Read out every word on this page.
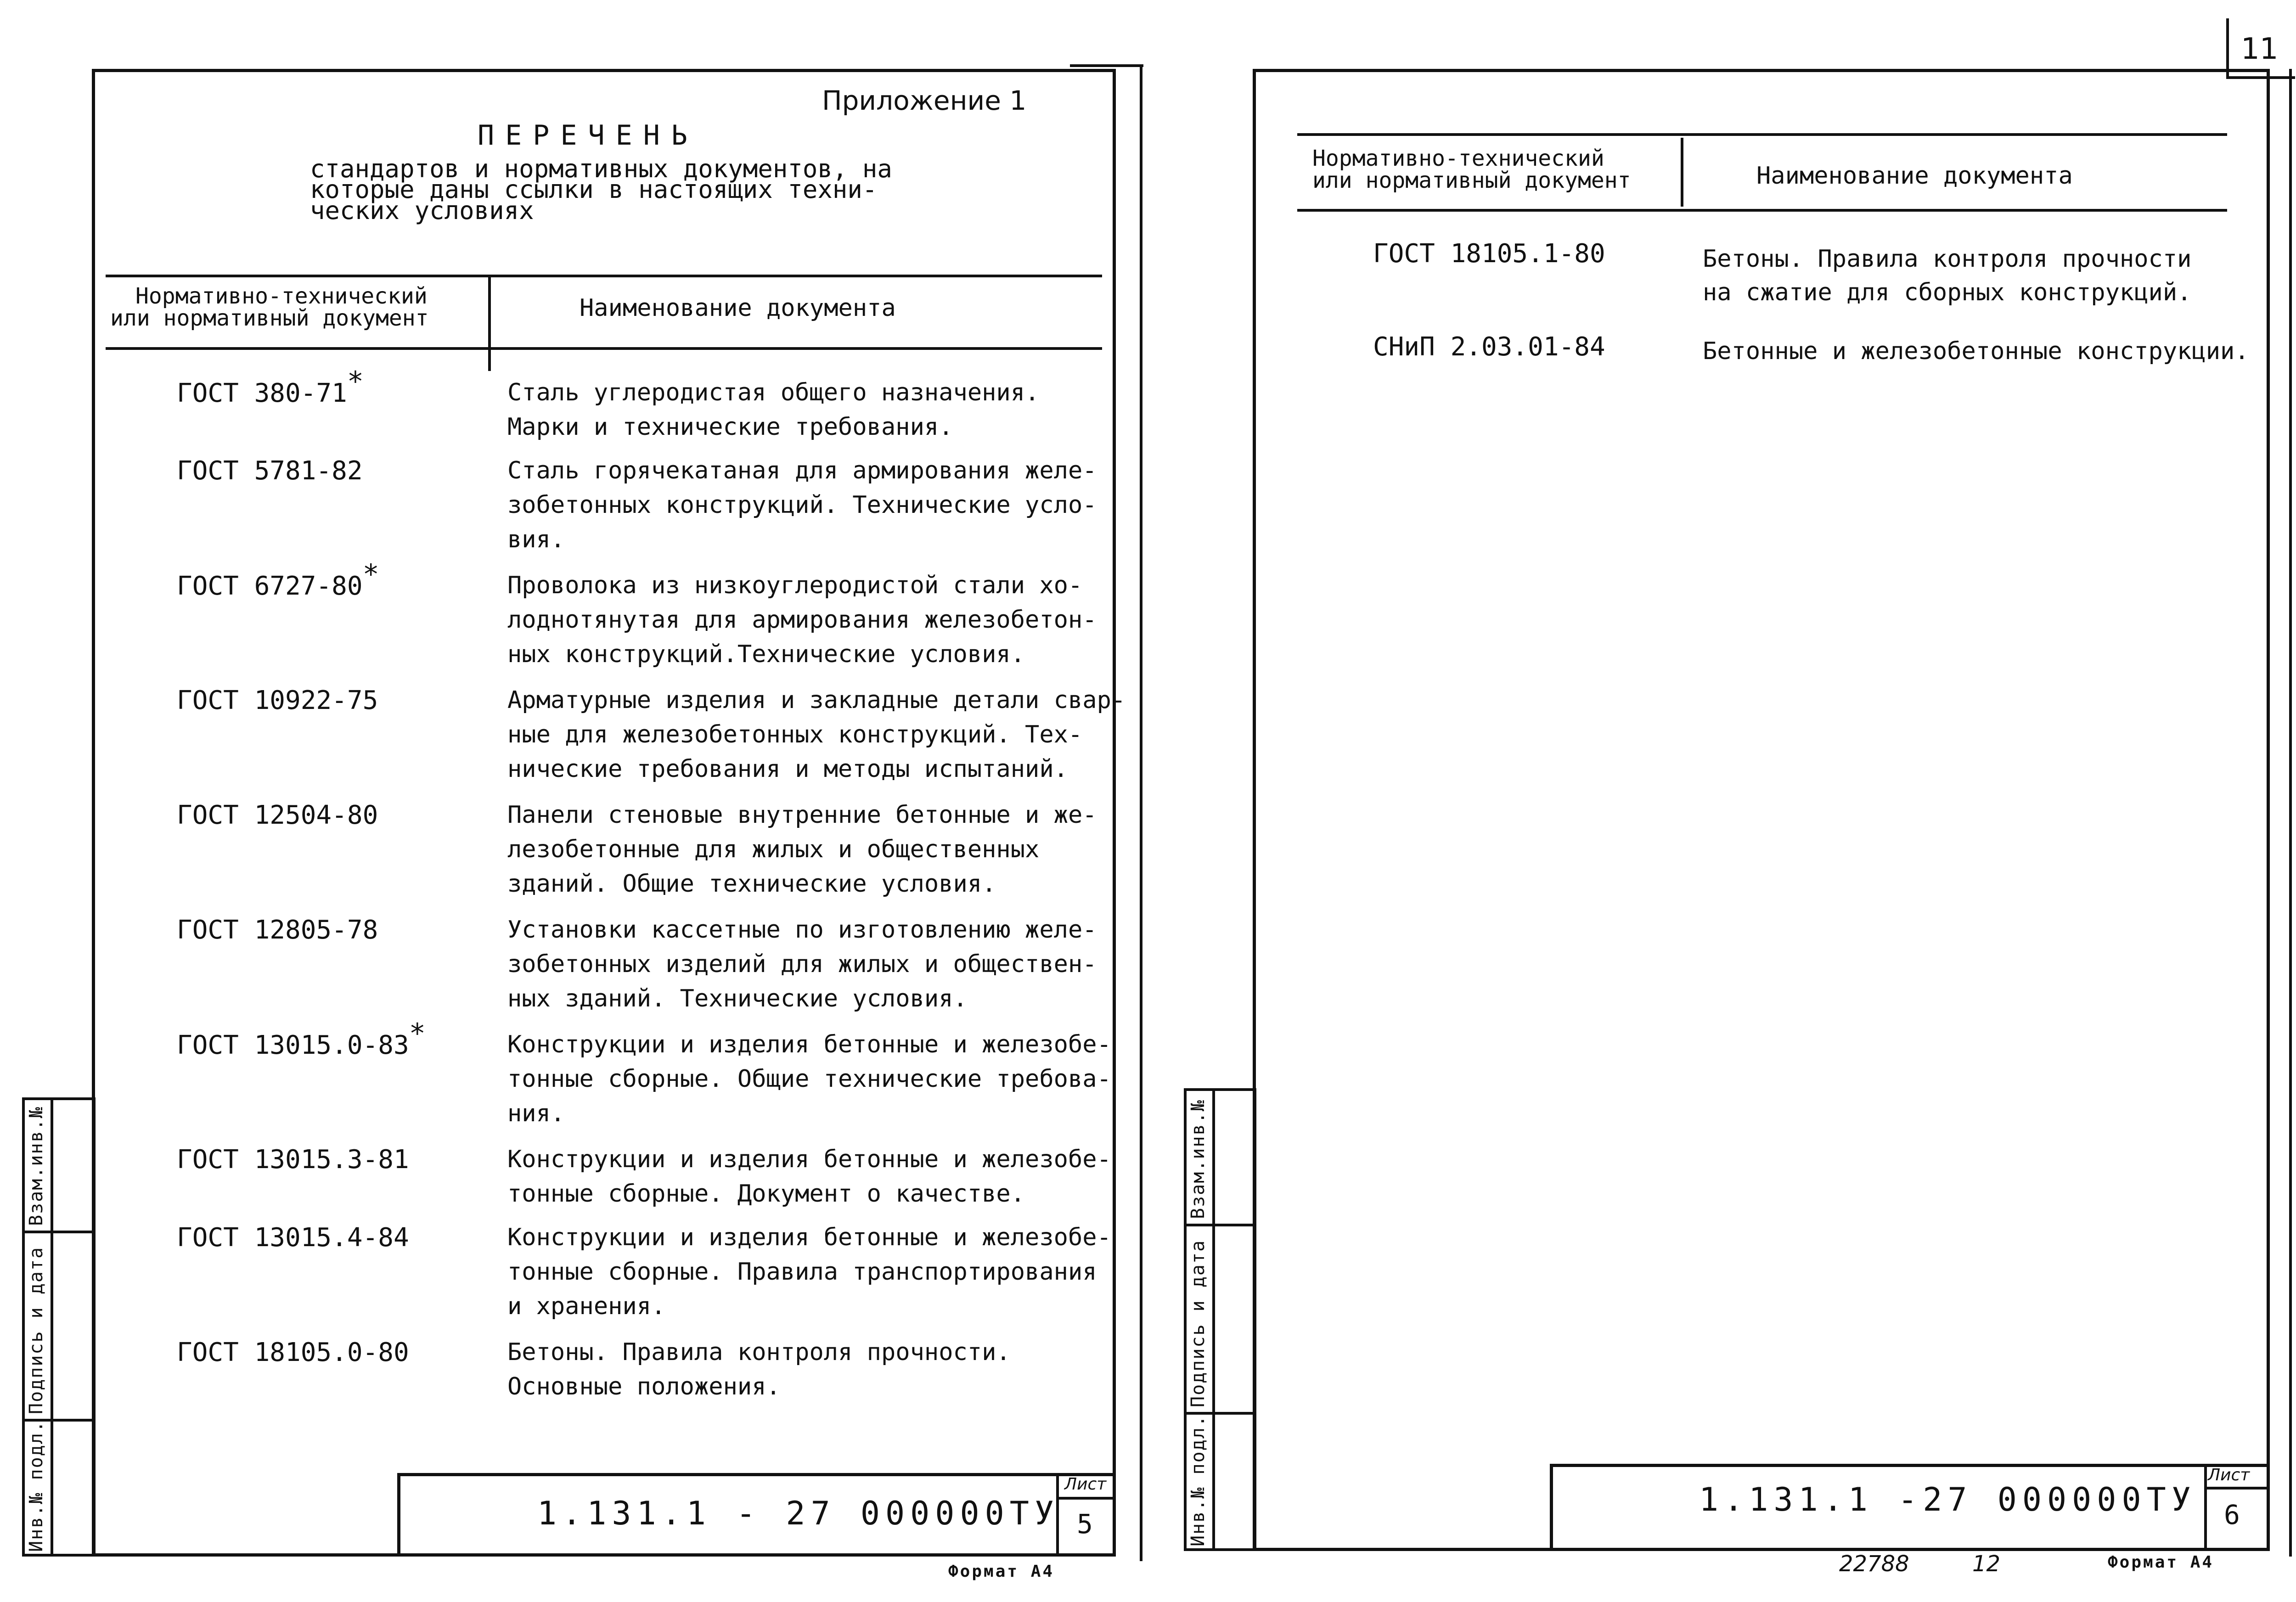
Приложение 1
ПЕРЕЧЕНЬ
стандартов и нормативных документов, на
которые даны ссылки в настоящих техни-
ческих условиях
Нормативно-технический
или нормативный документ	Наименование документа
ГОСТ 380-71*	Сталь углеродистая общего назначения.
Марки и технические требования.
ГОСТ 5781-82	Сталь горячекатаная для армирования желе-
зобетонных конструкций. Технические усло-
вия.
ГОСТ 6727-80*	Проволока из низкоуглеродистой стали хо-
лоднотянутая для армирования железобетон-
ных конструкций.Технические условия.
ГОСТ 10922-75	Арматурные изделия и закладные детали свар-
ные для железобетонных конструкций. Тех-
нические требования и методы испытаний.
ГОСТ 12504-80	Панели стеновые внутренние бетонные и же-
лезобетонные для жилых и общественных
зданий. Общие технические условия.
ГОСТ 12805-78	Установки кассетные по изготовлению желе-
зобетонных изделий для жилых и обществен-
ных зданий. Технические условия.
ГОСТ 13015.0-83*	Конструкции и изделия бетонные и железобе-
тонные сборные. Общие технические требова-
ния.
ГОСТ 13015.3-81	Конструкции и изделия бетонные и железобе-
тонные сборные. Документ о качестве.
ГОСТ 13015.4-84	Конструкции и изделия бетонные и железобе-
тонные сборные. Правила транспортирования
и хранения.
ГОСТ 18105.0-80	Бетоны. Правила контроля прочности.
Основные положения.
Инв.№ подл.
Подпись и дата
Взам.инв.№
1.131.1 - 27 000000ТУ
Лист
5
Формат А4
11
Нормативно-технический
или нормативный документ	Наименование документа
ГОСТ 18105.1-80	Бетоны. Правила контроля прочности
на сжатие для сборных конструкций.
СНиП 2.03.01-84	Бетонные и железобетонные конструкции.
Инв.№ подл.
Подпись и дата
Взам.инв.№
1.131.1 -27 000000ТУ
Лист
6
22788	12	Формат А4
